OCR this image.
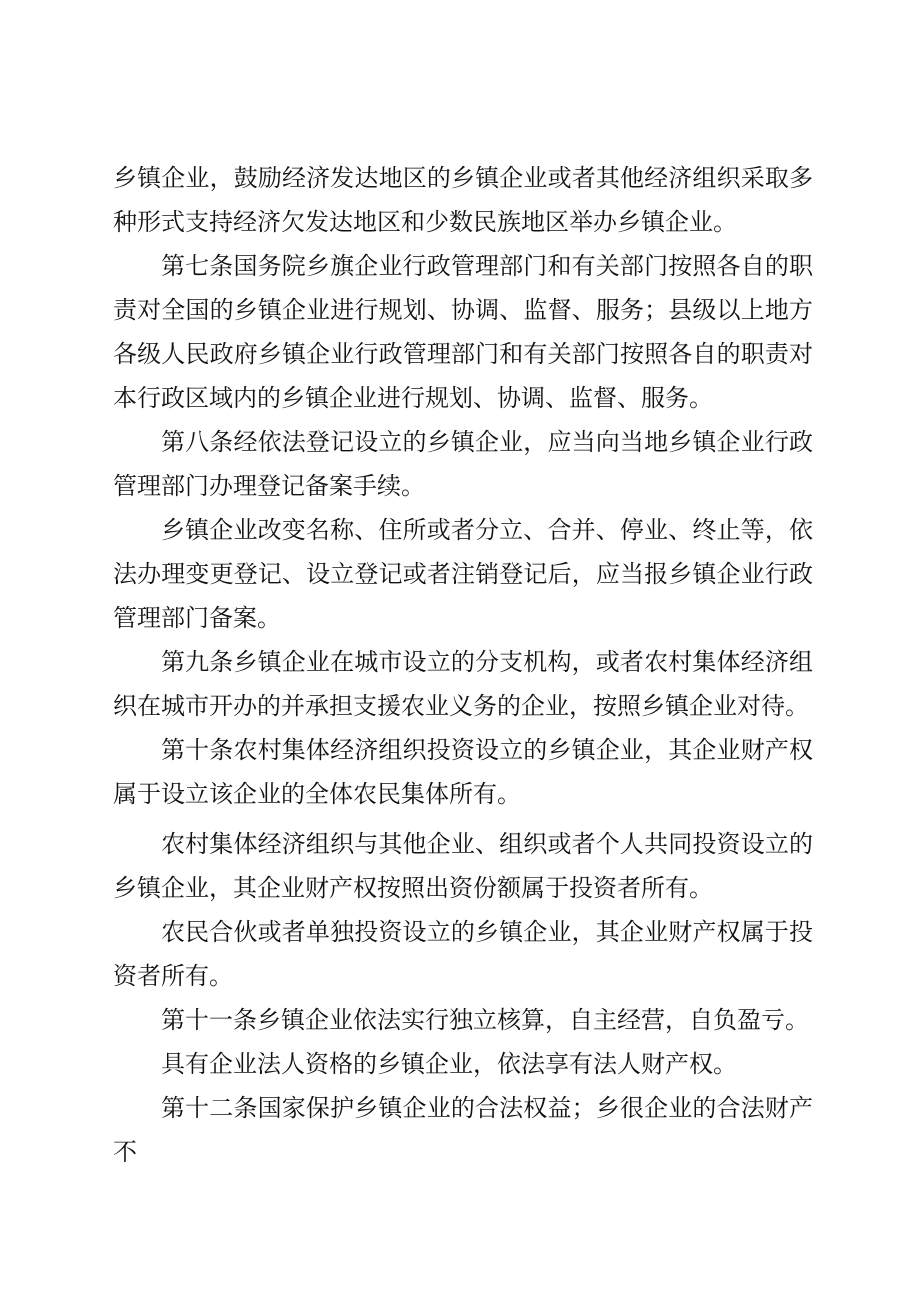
乡镇企业，鼓励经济发达地区的乡镇企业或者其他经济组织采取多种形式支持经济欠发达地区和少数民族地区举办乡镇企业。

第七条国务院乡旗企业行政管理部门和有关部门按照各自的职责对全国的乡镇企业进行规划、协调、监督、服务；县级以上地方各级人民政府乡镇企业行政管理部门和有关部门按照各自的职责对本行政区域内的乡镇企业进行规划、协调、监督、服务。

第八条经依法登记设立的乡镇企业，应当向当地乡镇企业行政管理部门办理登记备案手续。

乡镇企业改变名称、住所或者分立、合并、停业、终止等，依法办理变更登记、设立登记或者注销登记后，应当报乡镇企业行政管理部门备案。

第九条乡镇企业在城市设立的分支机构，或者农村集体经济组织在城市开办的并承担支援农业义务的企业，按照乡镇企业对待。

第十条农村集体经济组织投资设立的乡镇企业，其企业财产权属于设立该企业的全体农民集体所有。

农村集体经济组织与其他企业、组织或者个人共同投资设立的乡镇企业，其企业财产权按照出资份额属于投资者所有。

农民合伙或者单独投资设立的乡镇企业，其企业财产权属于投资者所有。

第十一条乡镇企业依法实行独立核算，自主经营，自负盈亏。

具有企业法人资格的乡镇企业，依法享有法人财产权。

第十二条国家保护乡镇企业的合法权益；乡很企业的合法财产不
